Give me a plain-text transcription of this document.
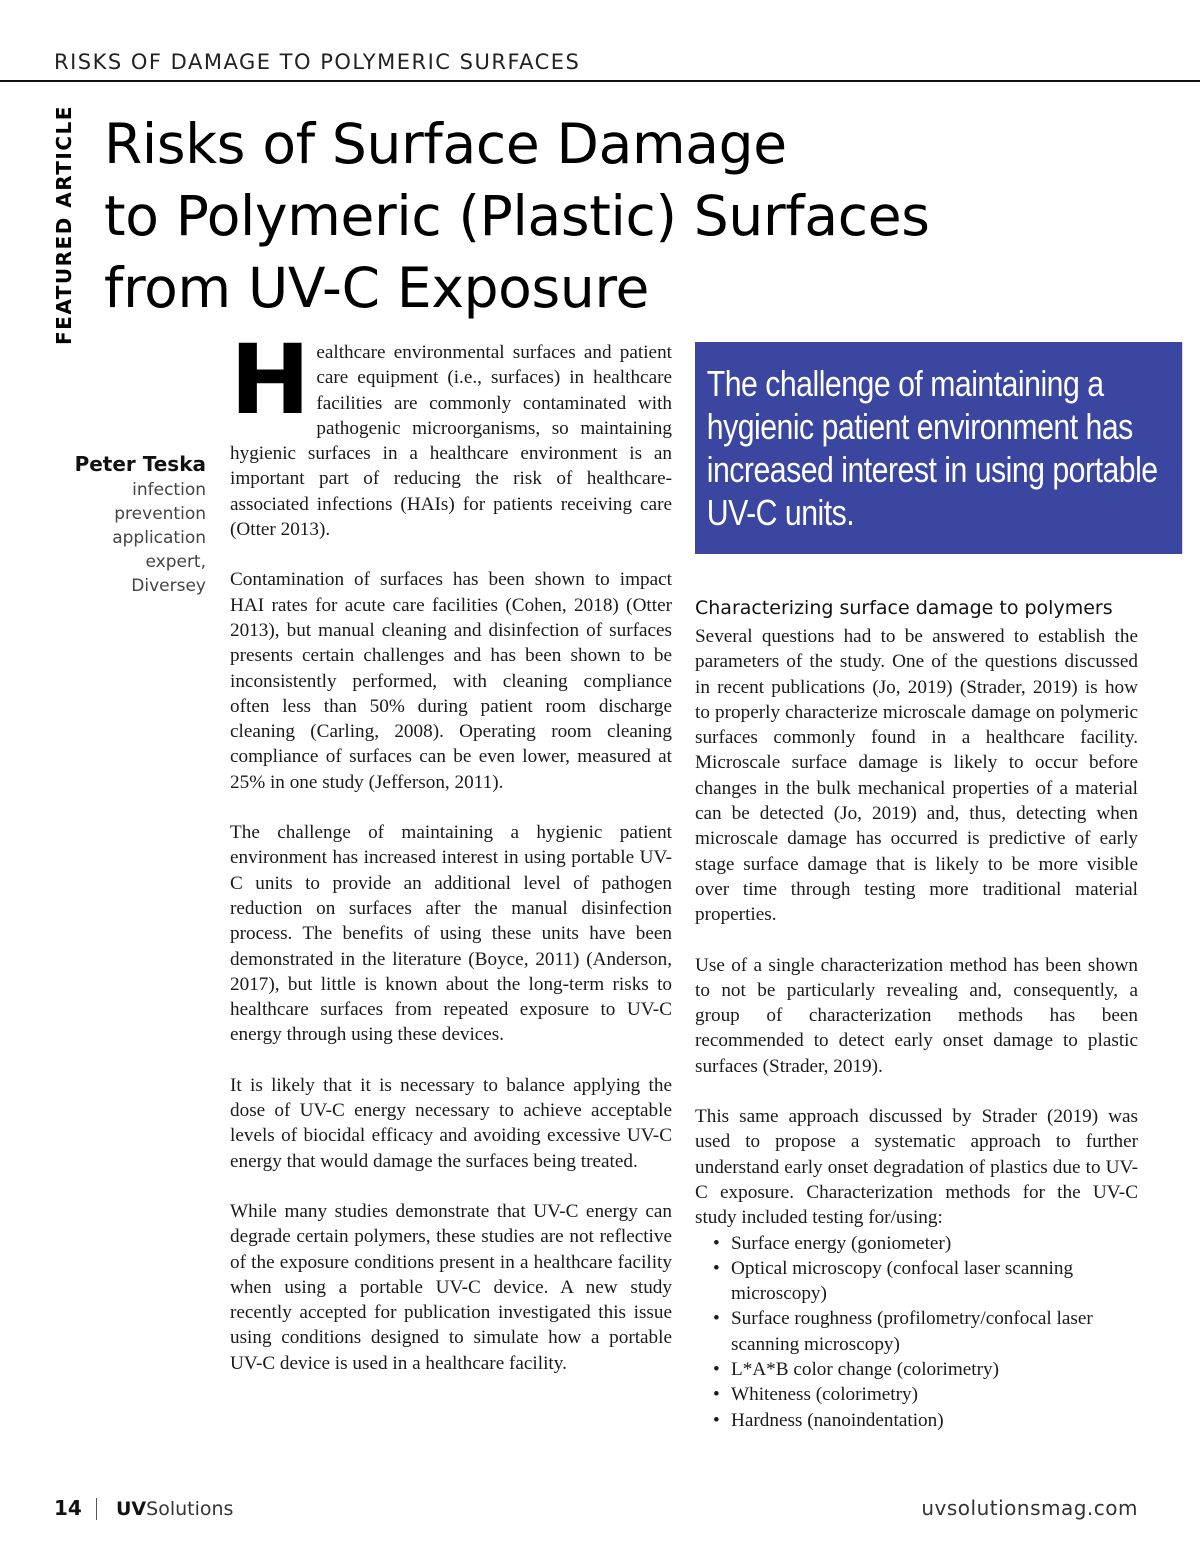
RISKS OF DAMAGE TO POLYMERIC SURFACES
FEATURED ARTICLE Risks of Surface Damage
to Polymeric (Plastic) Surfaces
from UV-C Exposure
Peter Teska
infection
prevention
application
expert,
Diversey

Healthcare environmental surfaces and patient care equipment (i.e., surfaces) in healthcare facilities are commonly contaminated with pathogenic microorganisms, so maintaining hygienic surfaces in a healthcare environment is an important part of reducing the risk of healthcare-associated infections (HAIs) for patients receiving care (Otter 2013).

Contamination of surfaces has been shown to impact HAI rates for acute care facilities (Cohen, 2018) (Otter 2013), but manual cleaning and disinfection of surfaces presents certain challenges and has been shown to be inconsistently performed, with cleaning compliance often less than 50% during patient room discharge cleaning (Carling, 2008). Operating room cleaning compliance of surfaces can be even lower, measured at 25% in one study (Jefferson, 2011).

The challenge of maintaining a hygienic patient environment has increased interest in using portable UV-C units to provide an additional level of pathogen reduction on surfaces after the manual disinfection process. The benefits of using these units have been demonstrated in the literature (Boyce, 2011) (Anderson, 2017), but little is known about the long-term risks to healthcare surfaces from repeated exposure to UV-C energy through using these devices.

It is likely that it is necessary to balance applying the dose of UV-C energy necessary to achieve acceptable levels of biocidal efficacy and avoiding excessive UV-C energy that would damage the surfaces being treated.

While many studies demonstrate that UV-C energy can degrade certain polymers, these studies are not reflective of the exposure conditions present in a healthcare facility when using a portable UV-C device. A new study recently accepted for publication investigated this issue using conditions designed to simulate how a portable UV-C device is used in a healthcare facility.

The challenge of maintaining a hygienic patient environment has increased interest in using portable UV-C units.
Characterizing surface damage to polymers

Several questions had to be answered to establish the parameters of the study. One of the questions discussed in recent publications (Jo, 2019) (Strader, 2019) is how to properly characterize microscale damage on polymeric surfaces commonly found in a healthcare facility. Microscale surface damage is likely to occur before changes in the bulk mechanical properties of a material can be detected (Jo, 2019) and, thus, detecting when microscale damage has occurred is predictive of early stage surface damage that is likely to be more visible over time through testing more traditional material properties.

Use of a single characterization method has been shown to not be particularly revealing and, consequently, a group of characterization methods has been recommended to detect early onset damage to plastic surfaces (Strader, 2019).

This same approach discussed by Strader (2019) was used to propose a systematic approach to further understand early onset degradation of plastics due to UV-C exposure. Characterization methods for the UV-C study included testing for/using:

• Surface energy (goniometer)
• Optical microscopy (confocal laser scanning microscopy)
• Surface roughness (profilometry/confocal laser scanning microscopy)
• L*A*B color change (colorimetry)
• Whiteness (colorimetry)
• Hardness (nanoindentation)
14 UVSolutions	uvsolutionsmag.com
